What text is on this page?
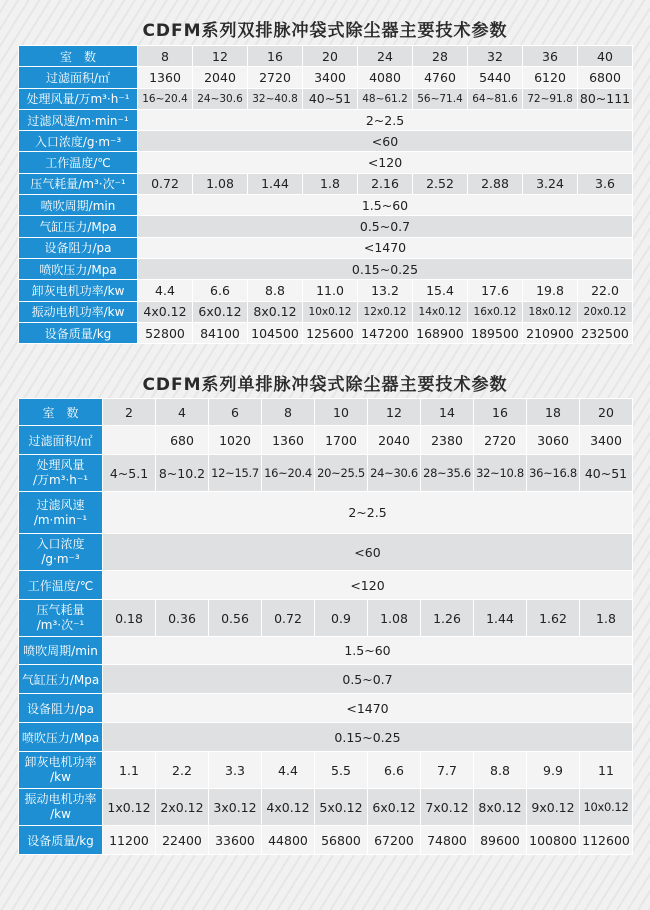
CDFM系列双排脉冲袋式除尘器主要技术参数
室　数	8	12	16	20	24	28	32	36	40
过滤面积/㎡	1360	2040	2720	3400	4080	4760	5440	6120	6800
处理风量/万m³·h⁻¹	16~20.4	24~30.6	32~40.8	40~51	48~61.2	56~71.4	64~81.6	72~91.8	80~111
过滤风速/m·min⁻¹	2~2.5								
入口浓度/g·m⁻³	<60								
工作温度/℃	<120								
压气耗量/m³·次⁻¹	0.72	1.08	1.44	1.8	2.16	2.52	2.88	3.24	3.6
喷吹周期/min	1.5~60								
气缸压力/Mpa	0.5~0.7								
设备阻力/pa	<1470								
喷吹压力/Mpa	0.15~0.25								
卸灰电机功率/kw	4.4	6.6	8.8	11.0	13.2	15.4	17.6	19.8	22.0
振动电机功率/kw	4x0.12	6x0.12	8x0.12	10x0.12	12x0.12	14x0.12	16x0.12	18x0.12	20x0.12
设备质量/kg	52800	84100	104500	125600	147200	168900	189500	210900	232500
CDFM系列单排脉冲袋式除尘器主要技术参数
室　数	2	4	6	8	10	12	14	16	18	20
过滤面积/㎡		680	1020	1360	1700	2040	2380	2720	3060	3400
处理风量
/万m³·h⁻¹	4~5.1	8~10.2	12~15.7	16~20.4	20~25.5	24~30.6	28~35.6	32~10.8	36~16.8	40~51
过滤风速
/m·min⁻¹	2~2.5									
入口浓度
/g·m⁻³	<60									
工作温度/℃	<120									
压气耗量
/m³·次⁻¹	0.18	0.36	0.56	0.72	0.9	1.08	1.26	1.44	1.62	1.8
喷吹周期/min	1.5~60									
气缸压力/Mpa	0.5~0.7									
设备阻力/pa	<1470									
喷吹压力/Mpa	0.15~0.25									
卸灰电机功率
/kw	1.1	2.2	3.3	4.4	5.5	6.6	7.7	8.8	9.9	11
振动电机功率
/kw	1x0.12	2x0.12	3x0.12	4x0.12	5x0.12	6x0.12	7x0.12	8x0.12	9x0.12	10x0.12
设备质量/kg	11200	22400	33600	44800	56800	67200	74800	89600	100800	112600
